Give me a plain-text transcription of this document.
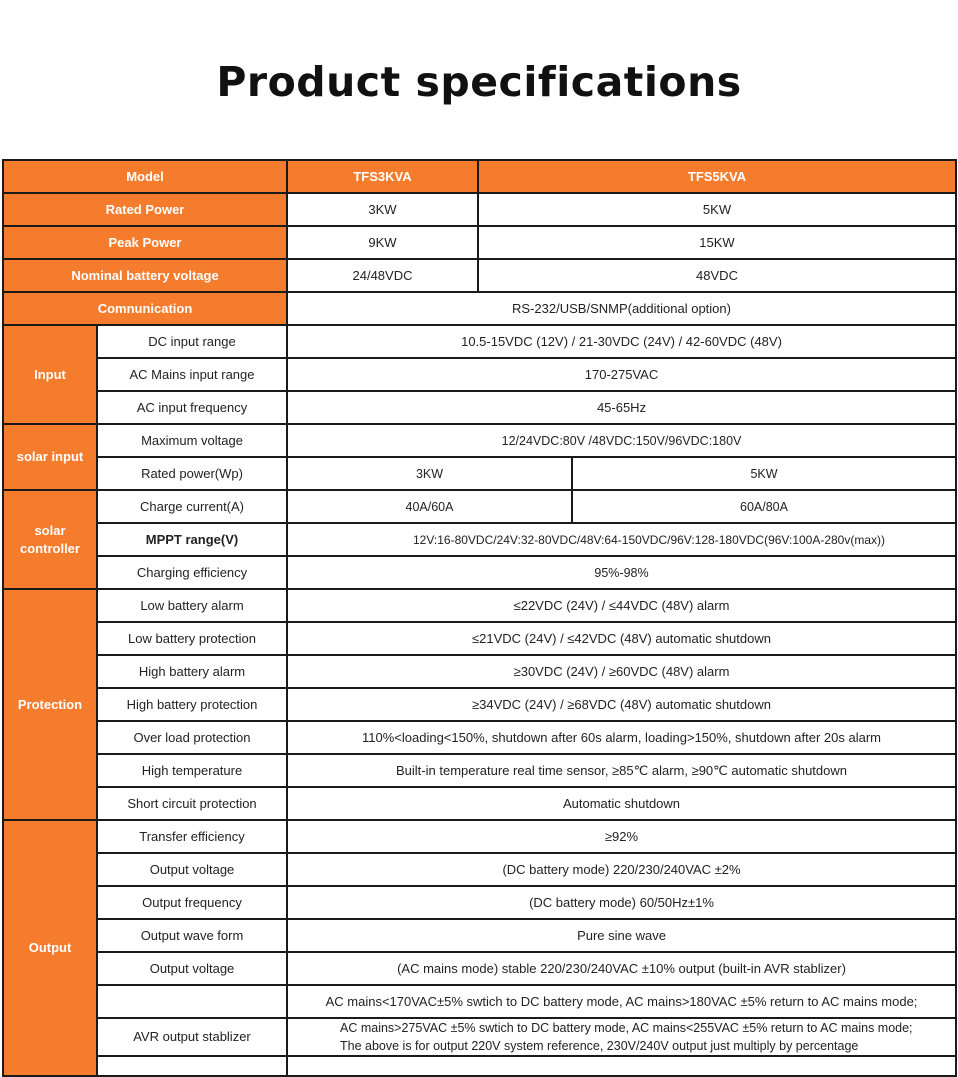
Product specifications
Model		TFS3KVA	TFS5KVA	
Rated Power		3KW	5KW	
Peak Power		9KW	15KW	
Nominal battery voltage		24/48VDC	48VDC	
Comnunication		RS-232/USB/SNMP(additional option)		
Input	DC input range	10.5-15VDC (12V) / 21-30VDC (24V) / 42-60VDC (48V)		
	AC Mains input range	170-275VAC		
	AC input frequency	45-65Hz		
solar input	Maximum voltage	12/24VDC:80V /48VDC:150V/96VDC:180V		
	Rated power(Wp)	3KW		5KW
solar controller	Charge current(A)	40A/60A		60A/80A
	MPPT range(V)	12V:16-80VDC/24V:32-80VDC/48V:64-150VDC/96V:128-180VDC(96V:100A-280v(max))		
	Charging efficiency	95%-98%		
Protection	Low battery alarm	≤22VDC (24V) / ≤44VDC (48V) alarm		
	Low battery protection	≤21VDC (24V) / ≤42VDC (48V) automatic shutdown		
	High battery alarm	≥30VDC (24V) / ≥60VDC (48V) alarm		
	High battery protection	≥34VDC (24V) / ≥68VDC (48V) automatic shutdown		
	Over load protection	110%<loading<150%, shutdown after 60s alarm, loading>150%, shutdown after 20s alarm		
	High temperature	Built-in temperature real time sensor, ≥85℃ alarm, ≥90℃ automatic shutdown		
	Short circuit protection	Automatic shutdown		
Output	Transfer efficiency	≥92%		
	Output voltage	(DC battery mode) 220/230/240VAC ±2%		
	Output frequency	(DC battery mode) 60/50Hz±1%		
	Output wave form	Pure sine wave		
	Output voltage	(AC mains mode) stable 220/230/240VAC ±10% output (built-in AVR stablizer)		
		AC mains<170VAC±5% swtich to DC battery mode, AC mains>180VAC ±5% return to AC mains mode;		
	AVR output stablizer	AC mains>275VAC ±5% swtich to DC battery mode, AC mains<255VAC ±5% return to AC mains mode; The above is for output 220V system reference, 230V/240V output just multiply by percentage		
